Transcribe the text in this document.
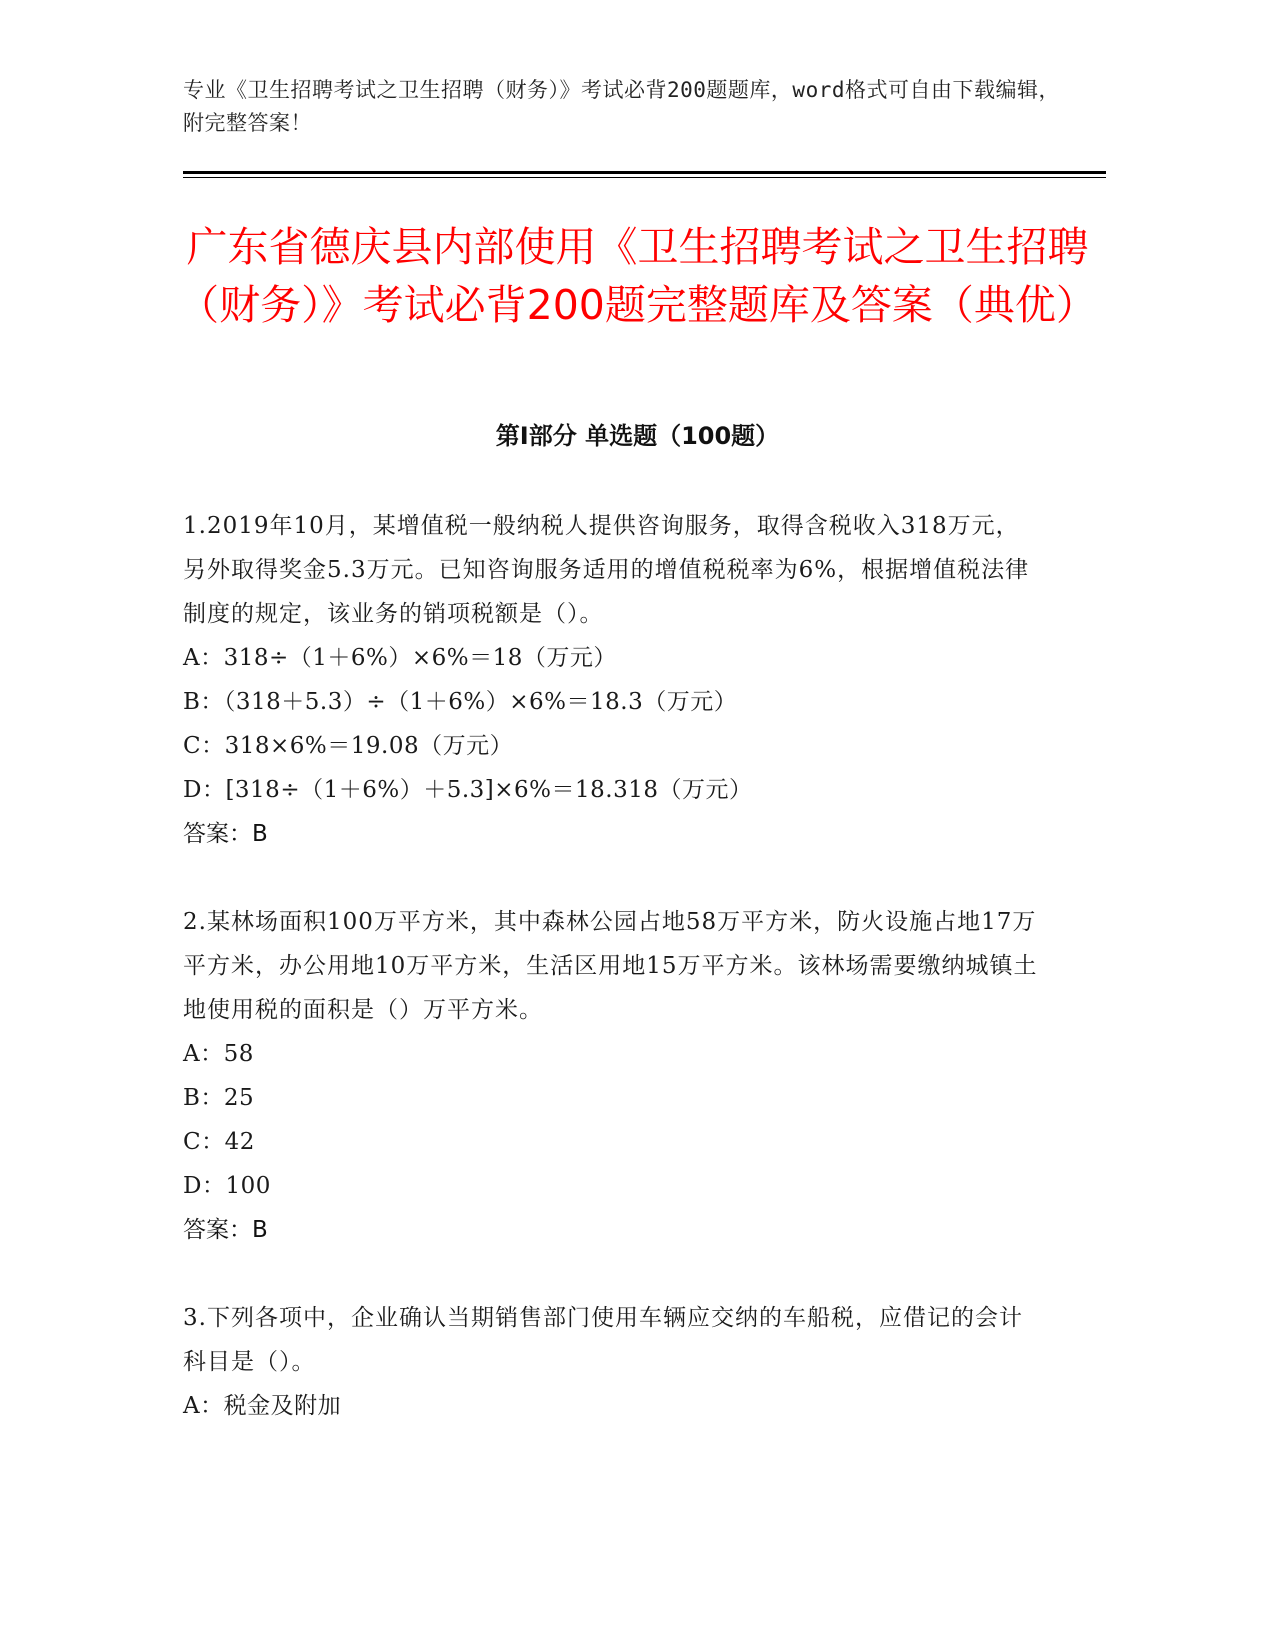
专业《卫生招聘考试之卫生招聘（财务）》考试必背200题题库，word格式可自由下载编辑，附完整答案！
广东省德庆县内部使用《卫生招聘考试之卫生招聘（财务）》考试必背200题完整题库及答案（典优）
第I部分 单选题（100题）

1.2019年10月，某增值税一般纳税人提供咨询服务，取得含税收入318万元，另外取得奖金5.3万元。已知咨询服务适用的增值税税率为6%，根据增值税法律制度的规定，该业务的销项税额是（）。

A：318÷（1＋6%）×6%＝18（万元）

B：（318＋5.3）÷（1＋6%）×6%＝18.3（万元）

C：318×6%＝19.08（万元）

D：[318÷（1＋6%）＋5.3]×6%＝18.318（万元）

答案：B

2.某林场面积100万平方米，其中森林公园占地58万平方米，防火设施占地17万平方米，办公用地10万平方米，生活区用地15万平方米。该林场需要缴纳城镇土地使用税的面积是（）万平方米。

A：58

B：25

C：42

D：100

答案：B

3.下列各项中，企业确认当期销售部门使用车辆应交纳的车船税，应借记的会计科目是（）。

A：税金及附加
